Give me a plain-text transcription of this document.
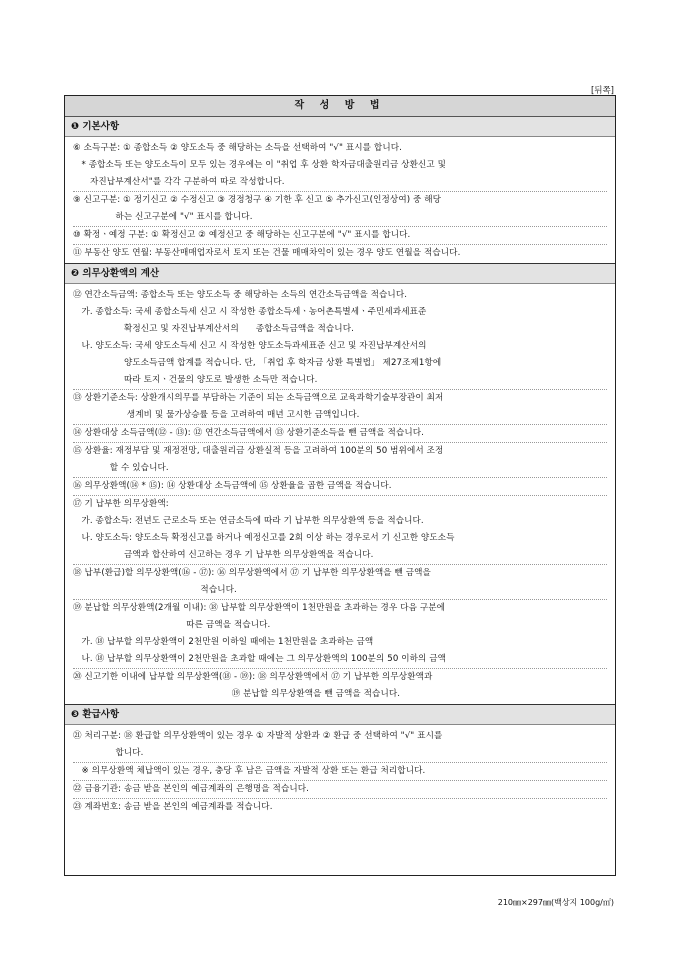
[뒤쪽]
작 성 방 법
❶ 기본사항
⑥ 소득구분: ① 종합소득 ② 양도소득 중 해당하는 소득을 선택하여 "√" 표시를 합니다.
* 종합소득 또는 양도소득이 모두 있는 경우에는 이 "취업 후 상환 학자금대출원리금 상환신고 및
자진납부계산서"를 각각 구분하여 따로 작성합니다.
⑨ 신고구분: ① 정기신고 ② 수정신고 ③ 경정청구 ④ 기한 후 신고 ⑤ 추가신고(인정상여) 중 해당
하는 신고구분에 "√" 표시를 합니다.
⑩ 확정ㆍ예정 구분: ① 확정신고 ② 예정신고 중 해당하는 신고구분에 "√" 표시를 합니다.
⑪ 부동산 양도 연월: 부동산매매업자로서 토지 또는 건물 매매차익이 있는 경우 양도 연월을 적습니다.
❷ 의무상환액의 계산
⑫ 연간소득금액: 종합소득 또는 양도소득 중 해당하는 소득의 연간소득금액을 적습니다.
가. 종합소득: 국세 종합소득세 신고 시 작성한 종합소득세ㆍ농어촌특별세ㆍ주민세과세표준
확정신고 및 자진납부계산서의      종합소득금액을 적습니다.
나. 양도소득: 국세 양도소득세 신고 시 작성한 양도소득과세표준 신고 및 자진납부계산서의
양도소득금액 합계를 적습니다. 단, 「취업 후 학자금 상환 특별법」 제27조제1항에
따라 토지ㆍ건물의 양도로 발생한 소득만 적습니다.
⑬ 상환기준소득: 상환개시의무를 부담하는 기준이 되는 소득금액으로 교육과학기술부장관이 최저
생계비 및 물가상승률 등을 고려하여 매년 고시한 금액입니다.
⑭ 상환대상 소득금액(⑫ - ⑬): ⑫ 연간소득금액에서 ⑬ 상환기준소득을 뺀 금액을 적습니다.
⑮ 상환율: 재정부담 및 재정전망, 대출원리금 상환실적 등을 고려하여 100분의 50 범위에서 조정
할 수 있습니다.
⑯ 의무상환액(⑭ * ⑮): ⑭ 상환대상 소득금액에 ⑮ 상환율을 곱한 금액을 적습니다.
⑰ 기 납부한 의무상환액:
가. 종합소득: 전년도 근로소득 또는 연금소득에 따라 기 납부한 의무상환액 등을 적습니다.
나. 양도소득: 양도소득 확정신고를 하거나 예정신고를 2회 이상 하는 경우로서 기 신고한 양도소득
금액과 합산하여 신고하는 경우 기 납부한 의무상환액을 적습니다.
⑱ 납부(환급)할 의무상환액(⑯ - ⑰): ⑯ 의무상환액에서 ⑰ 기 납부한 의무상환액을 뺀 금액을
적습니다.
⑲ 분납할 의무상환액(2개월 이내): ⑱ 납부할 의무상환액이 1천만원을 초과하는 경우 다음 구분에
따른 금액을 적습니다.
가. ⑱ 납부할 의무상환액이 2천만원 이하일 때에는 1천만원을 초과하는 금액
나. ⑱ 납부할 의무상환액이 2천만원을 초과할 때에는 그 의무상환액의 100분의 50 이하의 금액
⑳ 신고기한 이내에 납부할 의무상환액(⑱ - ⑲): ⑱ 의무상환액에서 ⑰ 기 납부한 의무상환액과
⑲ 분납할 의무상환액을 뺀 금액을 적습니다.
❸ 환급사항
㉑ 처리구분: ⑱ 환급할 의무상환액이 있는 경우 ① 자발적 상환과 ② 환급 중 선택하여 "√" 표시를
합니다.
※ 의무상환액 체납액이 있는 경우, 충당 후 남은 금액을 자발적 상환 또는 환급 처리합니다.
㉒ 금융기관: 송금 받을 본인의 예금계좌의 은행명을 적습니다.
㉓ 계좌번호: 송금 받을 본인의 예금계좌를 적습니다.
210㎜×297㎜(백상지 100g/㎡)
